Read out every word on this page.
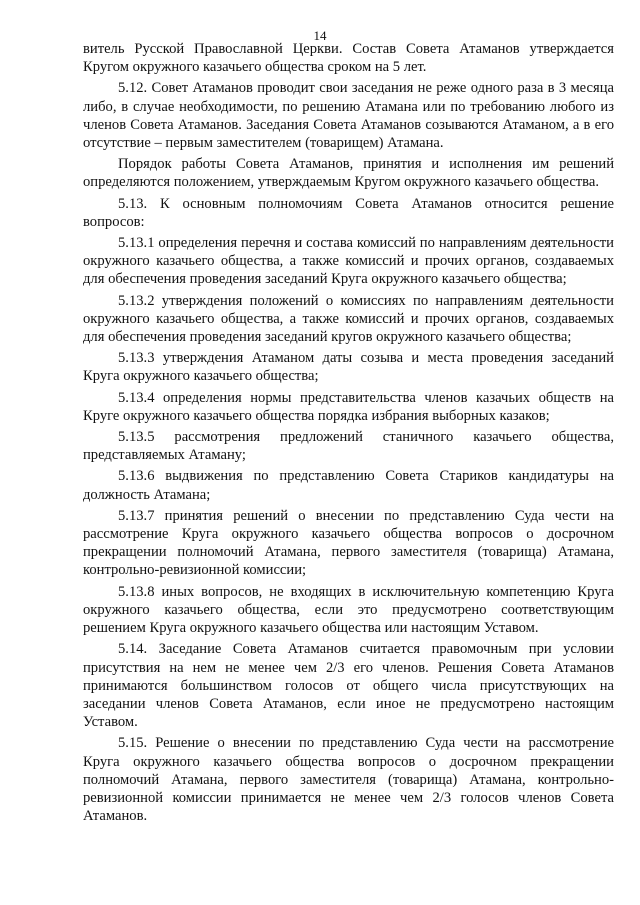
14

витель Русской Православной Церкви. Состав Совета Атаманов утверждается Кругом окружного казачьего общества сроком на 5 лет.

5.12. Совет Атаманов проводит свои заседания не реже одного раза в 3 месяца либо, в случае необходимости, по решению Атамана или по требованию любого из членов Совета Атаманов. Заседания Совета Атаманов созываются Атаманом, а в его отсутствие – первым заместителем (товарищем) Атамана.

Порядок работы Совета Атаманов, принятия и исполнения им решений определяются положением, утверждаемым Кругом окружного казачьего общества.

5.13. К основным полномочиям Совета Атаманов относится решение вопросов:

5.13.1 определения перечня и состава комиссий по направлениям деятельности окружного казачьего общества, а также комиссий и прочих органов, создаваемых для обеспечения проведения заседаний Круга окружного казачьего общества;

5.13.2 утверждения положений о комиссиях по направлениям деятельности окружного казачьего общества, а также комиссий и прочих органов, создаваемых для обеспечения проведения заседаний кругов окружного казачьего общества;

5.13.3 утверждения Атаманом даты созыва и места проведения заседаний Круга окружного казачьего общества;

5.13.4 определения нормы представительства членов казачьих обществ на Круге окружного казачьего общества порядка избрания выборных казаков;

5.13.5 рассмотрения предложений станичного казачьего общества, представляемых Атаману;

5.13.6 выдвижения по представлению Совета Стариков кандидатуры на должность Атамана;

5.13.7 принятия решений о внесении по представлению Суда чести на рассмотрение Круга окружного казачьего общества вопросов о досрочном прекращении полномочий Атамана, первого заместителя (товарища) Атамана, контрольно-ревизионной комиссии;

5.13.8 иных вопросов, не входящих в исключительную компетенцию Круга окружного казачьего общества, если это предусмотрено соответствующим решением Круга окружного казачьего общества или настоящим Уставом.

5.14. Заседание Совета Атаманов считается правомочным при условии присутствия на нем не менее чем 2/3 его членов. Решения Совета Атаманов принимаются большинством голосов от общего числа присутствующих на заседании членов Совета Атаманов, если иное не предусмотрено настоящим Уставом.

5.15. Решение о внесении по представлению Суда чести на рассмотрение Круга окружного казачьего общества вопросов о досрочном прекращении полномочий Атамана, первого заместителя (товарища) Атамана, контрольно-ревизионной комиссии принимается не менее чем 2/3 голосов членов Совета Атаманов.
